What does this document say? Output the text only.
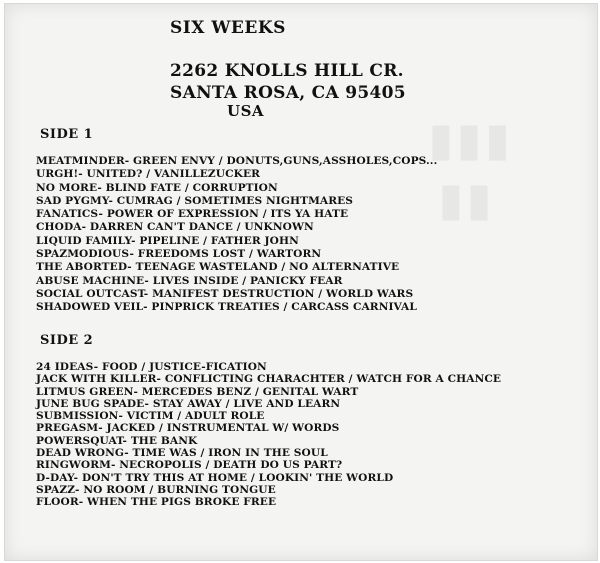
▮▮▮
▮▮
SIX WEEKS
2262 KNOLLS HILL CR.
SANTA ROSA, CA 95405
USA
SIDE 1
MEATMINDER- GREEN ENVY / DONUTS,GUNS,ASSHOLES,COPS...
URGH!- UNITED? / VANILLEZUCKER
NO MORE- BLIND FATE / CORRUPTION
SAD PYGMY- CUMRAG / SOMETIMES NIGHTMARES
FANATICS- POWER OF EXPRESSION / ITS YA HATE
CHODA- DARREN CAN'T DANCE / UNKNOWN
LIQUID FAMILY- PIPELINE / FATHER JOHN
SPAZMODIOUS- FREEDOMS LOST / WARTORN
THE ABORTED- TEENAGE WASTELAND / NO ALTERNATIVE
ABUSE MACHINE- LIVES INSIDE / PANICKY FEAR
SOCIAL OUTCAST- MANIFEST DESTRUCTION / WORLD WARS
SHADOWED VEIL- PINPRICK TREATIES / CARCASS CARNIVAL
SIDE 2
24 IDEAS- FOOD / JUSTICE-FICATION
JACK WITH KILLER- CONFLICTING CHARACHTER / WATCH FOR A CHANCE
LITMUS GREEN- MERCEDES BENZ / GENITAL WART
JUNE BUG SPADE- STAY AWAY / LIVE AND LEARN
SUBMISSION- VICTIM / ADULT ROLE
PREGASM- JACKED / INSTRUMENTAL W/ WORDS
POWERSQUAT- THE BANK
DEAD WRONG- TIME WAS / IRON IN THE SOUL
RINGWORM- NECROPOLIS / DEATH DO US PART?
D-DAY- DON'T TRY THIS AT HOME / LOOKIN' THE WORLD
SPAZZ- NO ROOM / BURNING TONGUE
FLOOR- WHEN THE PIGS BROKE FREE
